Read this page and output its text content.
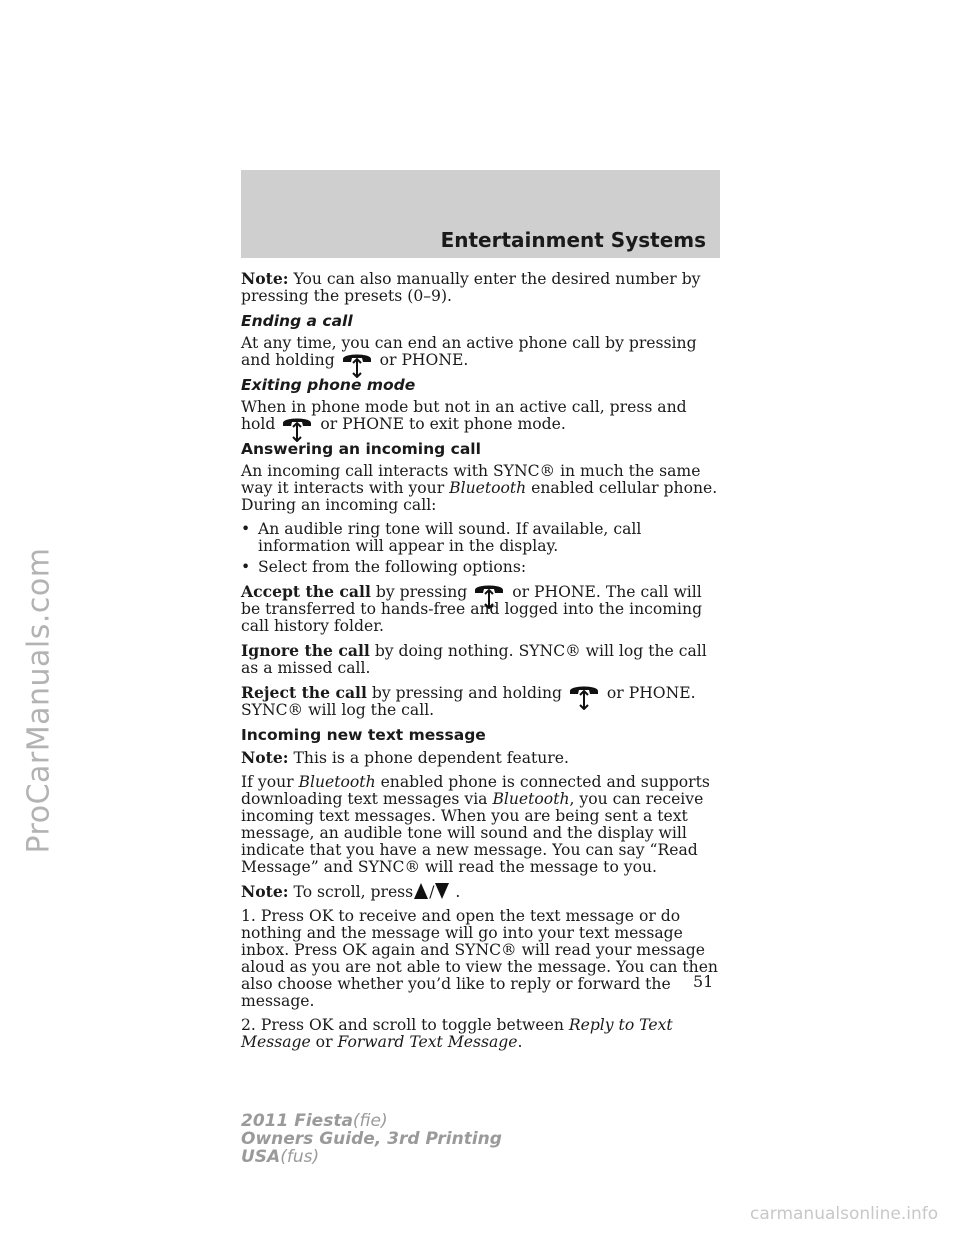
ProCarManuals.com
Entertainment Systems

Note: You can also manually enter the desired number by pressing the presets (0–9).

Ending a call

At any time, you can end an active phone call by pressing and holding	or PHONE.

Exiting phone mode

When in phone mode but not in an active call, press and hold	or PHONE to exit phone mode.

Answering an incoming call

An incoming call interacts with SYNC® in much the same way it interacts with your Bluetooth enabled cellular phone. During an incoming call:

• An audible ring tone will sound. If available, call information will appear in the display.
• Select from the following options:

Accept the call by pressing	or PHONE. The call will be transferred to hands-free and logged into the incoming call history folder.

Ignore the call by doing nothing. SYNC® will log the call as a missed call.

Reject the call by pressing and holding	or PHONE. SYNC® will log the call.

Incoming new text message

Note: This is a phone dependent feature.

If your Bluetooth enabled phone is connected and supports downloading text messages via Bluetooth, you can receive incoming text messages. When you are being sent a text message, an audible tone will sound and the display will indicate that you have a new message. You can say “Read Message” and SYNC® will read the message to you.

Note: To scroll, press / .

1. Press OK to receive and open the text message or do nothing and the message will go into your text message inbox. Press OK again and SYNC® will read your message aloud as you are not able to view the message. You can then also choose whether you’d like to reply or forward the message.

2. Press OK and scroll to toggle between Reply to Text Message or Forward Text Message.

51
2011 Fiesta(fie)
Owners Guide, 3rd Printing
USA(fus)
carmanualsonline.info
